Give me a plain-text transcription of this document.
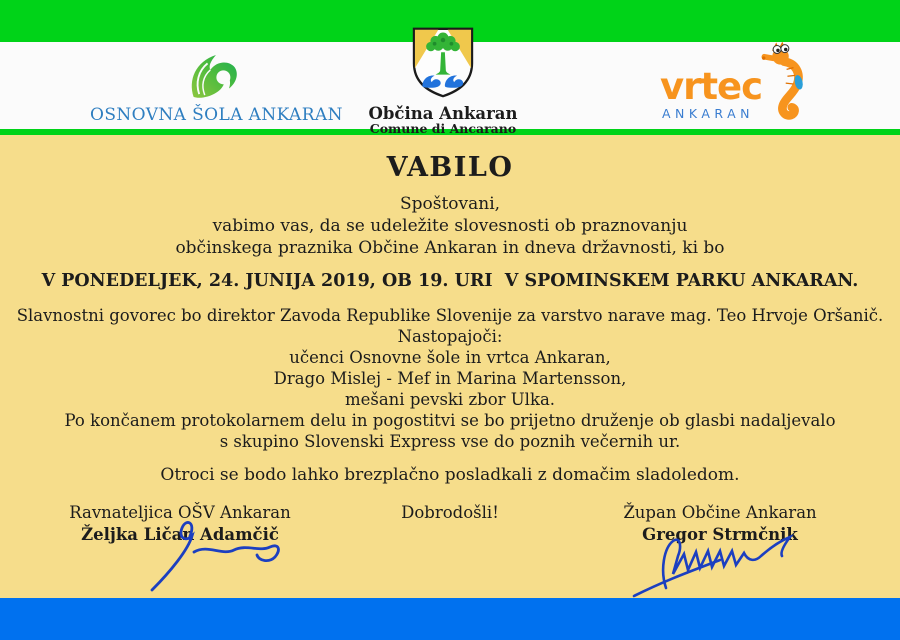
OSNOVNA ŠOLA ANKARAN Občina Ankaran
Comune di Ancarano
vrtec
ANKARAN
VABILO
Spoštovani,
vabimo vas, da se udeležite slovesnosti ob praznovanju
občinskega praznika Občine Ankaran in dneva državnosti, ki bo
V PONEDELJEK, 24. JUNIJA 2019, OB 19. URI  V SPOMINSKEM PARKU ANKARAN.
Slavnostni govorec bo direktor Zavoda Republike Slovenije za varstvo narave mag. Teo Hrvoje Oršanič.
Nastopajoči:
učenci Osnovne šole in vrtca Ankaran,
Drago Mislej - Mef in Marina Martensson,
mešani pevski zbor Ulka.
Po končanem protokolarnem delu in pogostitvi se bo prijetno druženje ob glasbi nadaljevalo
s skupino Slovenski Express vse do poznih večernih ur.
Otroci se bodo lahko brezplačno posladkali z domačim sladoledom.
Ravnateljica OŠV Ankaran
Željka Ličan Adamčič
Dobrodošli!	Župan Občine Ankaran
Gregor Strmčnik
